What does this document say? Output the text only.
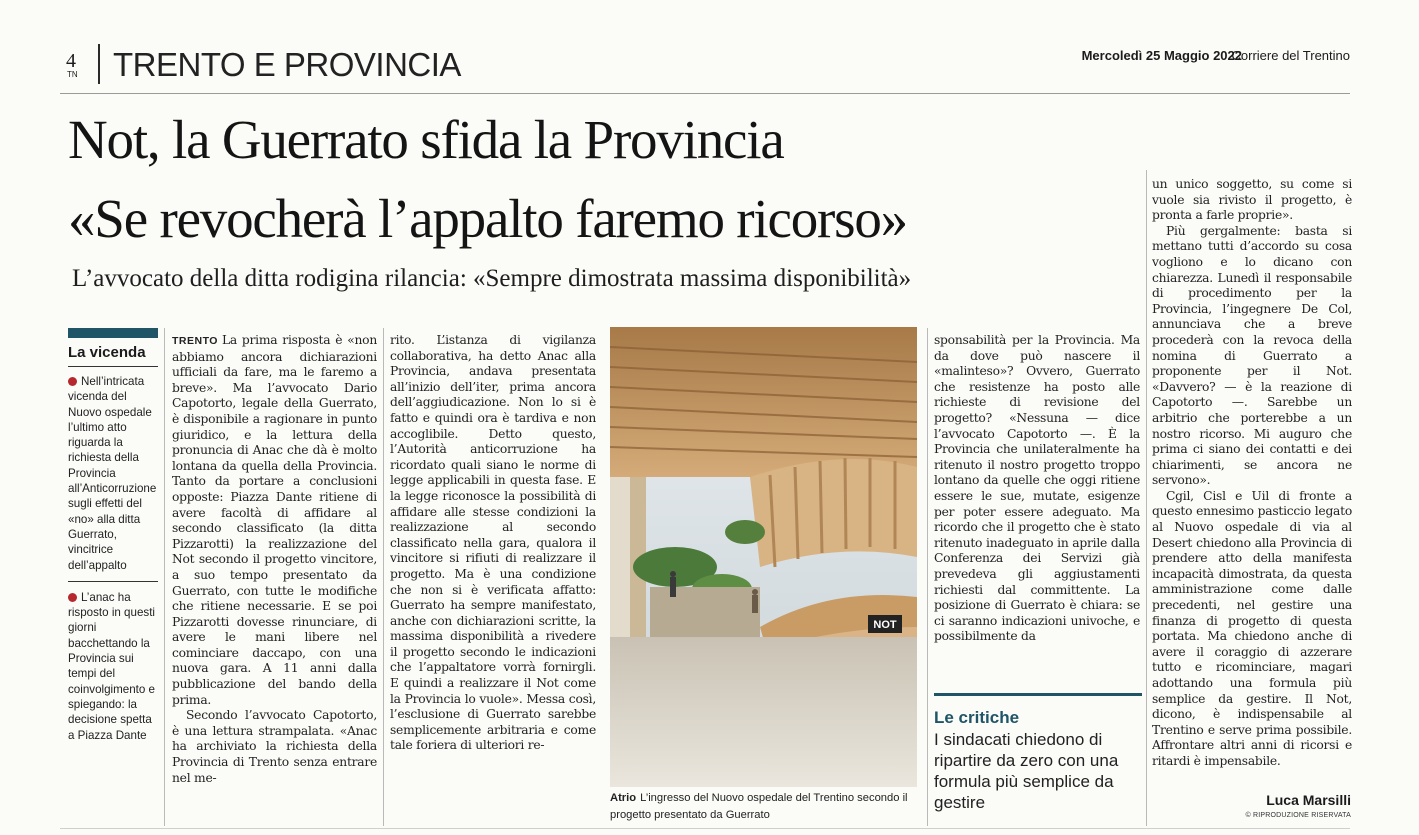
4
TN TRENTO E PROVINCIA	Mercoledì 25 Maggio 2022
Corriere del Trentino
Not, la Guerrato sfida la Provincia
«Se revocherà l’appalto faremo ricorso»
L’avvocato della ditta rodigina rilancia: «Sempre dimostrata massima disponibilità»
La vicenda
Nell’intricata vicenda del Nuovo ospedale l’ultimo atto riguarda la richiesta della Provincia all’Anticorruzione sugli effetti del «no» alla ditta Guerrato, vincitrice dell’appalto
L’anac ha risposto in questi giorni bacchettando la Provincia sui tempi del coinvolgimento e spiegando: la decisione spetta a Piazza Dante

TRENTO La prima risposta è «non abbiamo ancora dichiarazioni ufficiali da fare, ma le faremo a breve». Ma l’avvocato Dario Capotorto, legale della Guerrato, è disponibile a ragionare in punto giuridico, e la lettura della pronuncia di Anac che dà è molto lontana da quella della Provincia. Tanto da portare a conclusioni opposte: Piazza Dante ritiene di avere facoltà di affidare al secondo classificato (la ditta Pizzarotti) la realizzazione del Not secondo il progetto vincitore, a suo tempo presentato da Guerrato, con tutte le modifiche che ritiene necessarie. E se poi Pizzarotti dovesse rinunciare, di avere le mani libere nel cominciare daccapo, con una nuova gara. A 11 anni dalla pubblicazione del bando della prima.

Secondo l’avvocato Capotorto, è una lettura strampalata. «Anac ha archiviato la richiesta della Provincia di Trento senza entrare nel me-

rito. L’istanza di vigilanza collaborativa, ha detto Anac alla Provincia, andava presentata all’inizio dell’iter, prima ancora dell’aggiudicazione. Non lo si è fatto e quindi ora è tardiva e non accoglibile. Detto questo, l’Autorità anticorruzione ha ricordato quali siano le norme di legge applicabili in questa fase. E la legge riconosce la possibilità di affidare alle stesse condizioni la realizzazione al secondo classificato nella gara, qualora il vincitore si rifiuti di realizzare il progetto. Ma è una condizione che non si è verificata affatto: Guerrato ha sempre manifestato, anche con dichiarazioni scritte, la massima disponibilità a rivedere il progetto secondo le indicazioni che l’appaltatore vorrà fornirgli. E quindi a realizzare il Not come la Provincia lo vuole». Messa così, l’esclusione di Guerrato sarebbe semplicemente arbitraria e come tale foriera di ulteriori re-

NOT
Atrio L’ingresso del Nuovo ospedale del Trentino secondo il progetto presentato da Guerrato

sponsabilità per la Provincia. Ma da dove può nascere il «malinteso»? Ovvero, Guerrato che resistenze ha posto alle richieste di revisione del progetto? «Nessuna — dice l’avvocato Capotorto —. È la Provincia che unilateralmente ha ritenuto il nostro progetto troppo lontano da quelle che oggi ritiene essere le sue, mutate, esigenze per poter essere adeguato. Ma ricordo che il progetto che è stato ritenuto inadeguato in aprile dalla Conferenza dei Servizi già prevedeva gli aggiustamenti richiesti dal committente. La posizione di Guerrato è chiara: se ci saranno indicazioni univoche, e possibilmente da

Le critiche
I sindacati chiedono di ripartire da zero con una formula più semplice da gestire

un unico soggetto, su come si vuole sia rivisto il progetto, è pronta a farle proprie».

Più gergalmente: basta si mettano tutti d’accordo su cosa vogliono e lo dicano con chiarezza. Lunedì il responsabile di procedimento per la Provincia, l’ingegnere De Col, annunciava che a breve procederà con la revoca della nomina di Guerrato a proponente per il Not. «Davvero? — è la reazione di Capotorto —. Sarebbe un arbitrio che porterebbe a un nostro ricorso. Mi auguro che prima ci siano dei contatti e dei chiarimenti, se ancora ne servono».

Cgil, Cisl e Uil di fronte a questo ennesimo pasticcio legato al Nuovo ospedale di via al Desert chiedono alla Provincia di prendere atto della manifesta incapacità dimostrata, da questa amministrazione come dalle precedenti, nel gestire una finanza di progetto di questa portata. Ma chiedono anche di avere il coraggio di azzerare tutto e ricominciare, magari adottando una formula più semplice da gestire. Il Not, dicono, è indispensabile al Trentino e serve prima possibile. Affrontare altri anni di ricorsi e ritardi è impensabile.

Luca Marsilli
© RIPRODUZIONE RISERVATA
